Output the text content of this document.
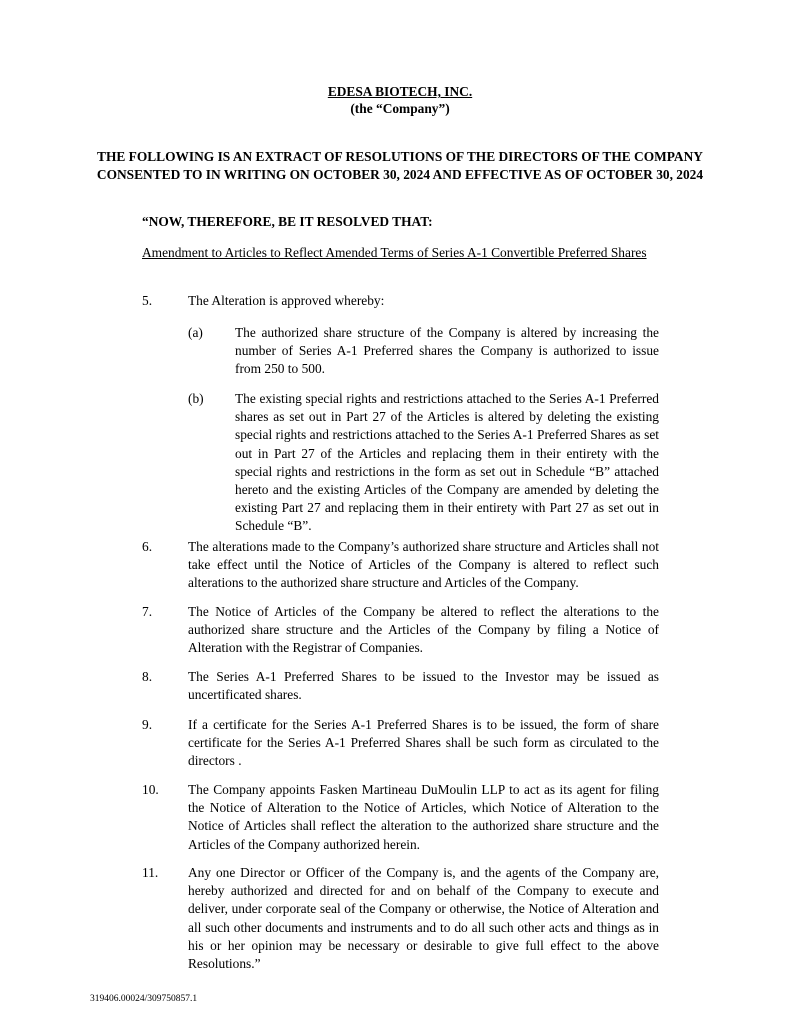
EDESA BIOTECH, INC.
(the “Company”)

THE FOLLOWING IS AN EXTRACT OF RESOLUTIONS OF THE DIRECTORS OF THE COMPANY CONSENTED TO IN WRITING ON OCTOBER 30, 2024 AND EFFECTIVE AS OF OCTOBER 30, 2024

“NOW, THEREFORE, BE IT RESOLVED THAT:
Amendment to Articles to Reflect Amended Terms of Series A-1 Convertible Preferred Shares
5.	The Alteration is approved whereby:
(a) The authorized share structure of the Company is altered by increasing the number of Series A-1 Preferred shares the Company is authorized to issue from 250 to 500.
(b) The existing special rights and restrictions attached to the Series A-1 Preferred shares as set out in Part 27 of the Articles is altered by deleting the existing special rights and restrictions attached to the Series A-1 Preferred Shares as set out in Part 27 of the Articles and replacing them in their entirety with the special rights and restrictions in the form as set out in Schedule “B” attached hereto and the existing Articles of the Company are amended by deleting the existing Part 27 and replacing them in their entirety with Part 27 as set out in Schedule “B”.
6.	The alterations made to the Company’s authorized share structure and Articles shall not take effect until the Notice of Articles of the Company is altered to reflect such alterations to the authorized share structure and Articles of the Company.
7.	The Notice of Articles of the Company be altered to reflect the alterations to the authorized share structure and the Articles of the Company by filing a Notice of Alteration with the Registrar of Companies.
8.	The Series A-1 Preferred Shares to be issued to the Investor may be issued as uncertificated shares.
9.	If a certificate for the Series A-1 Preferred Shares is to be issued, the form of share certificate for the Series A-1 Preferred Shares shall be such form as circulated to the directors .
10. The Company appoints Fasken Martineau DuMoulin LLP to act as its agent for filing the Notice of Alteration to the Notice of Articles, which Notice of Alteration to the Notice of Articles shall reflect the alteration to the authorized share structure and the Articles of the Company authorized herein.
11. Any one Director or Officer of the Company is, and the agents of the Company are, hereby authorized and directed for and on behalf of the Company to execute and deliver, under corporate seal of the Company or otherwise, the Notice of Alteration and all such other documents and instruments and to do all such other acts and things as in his or her opinion may be necessary or desirable to give full effect to the above Resolutions.”
319406.00024/309750857.1
